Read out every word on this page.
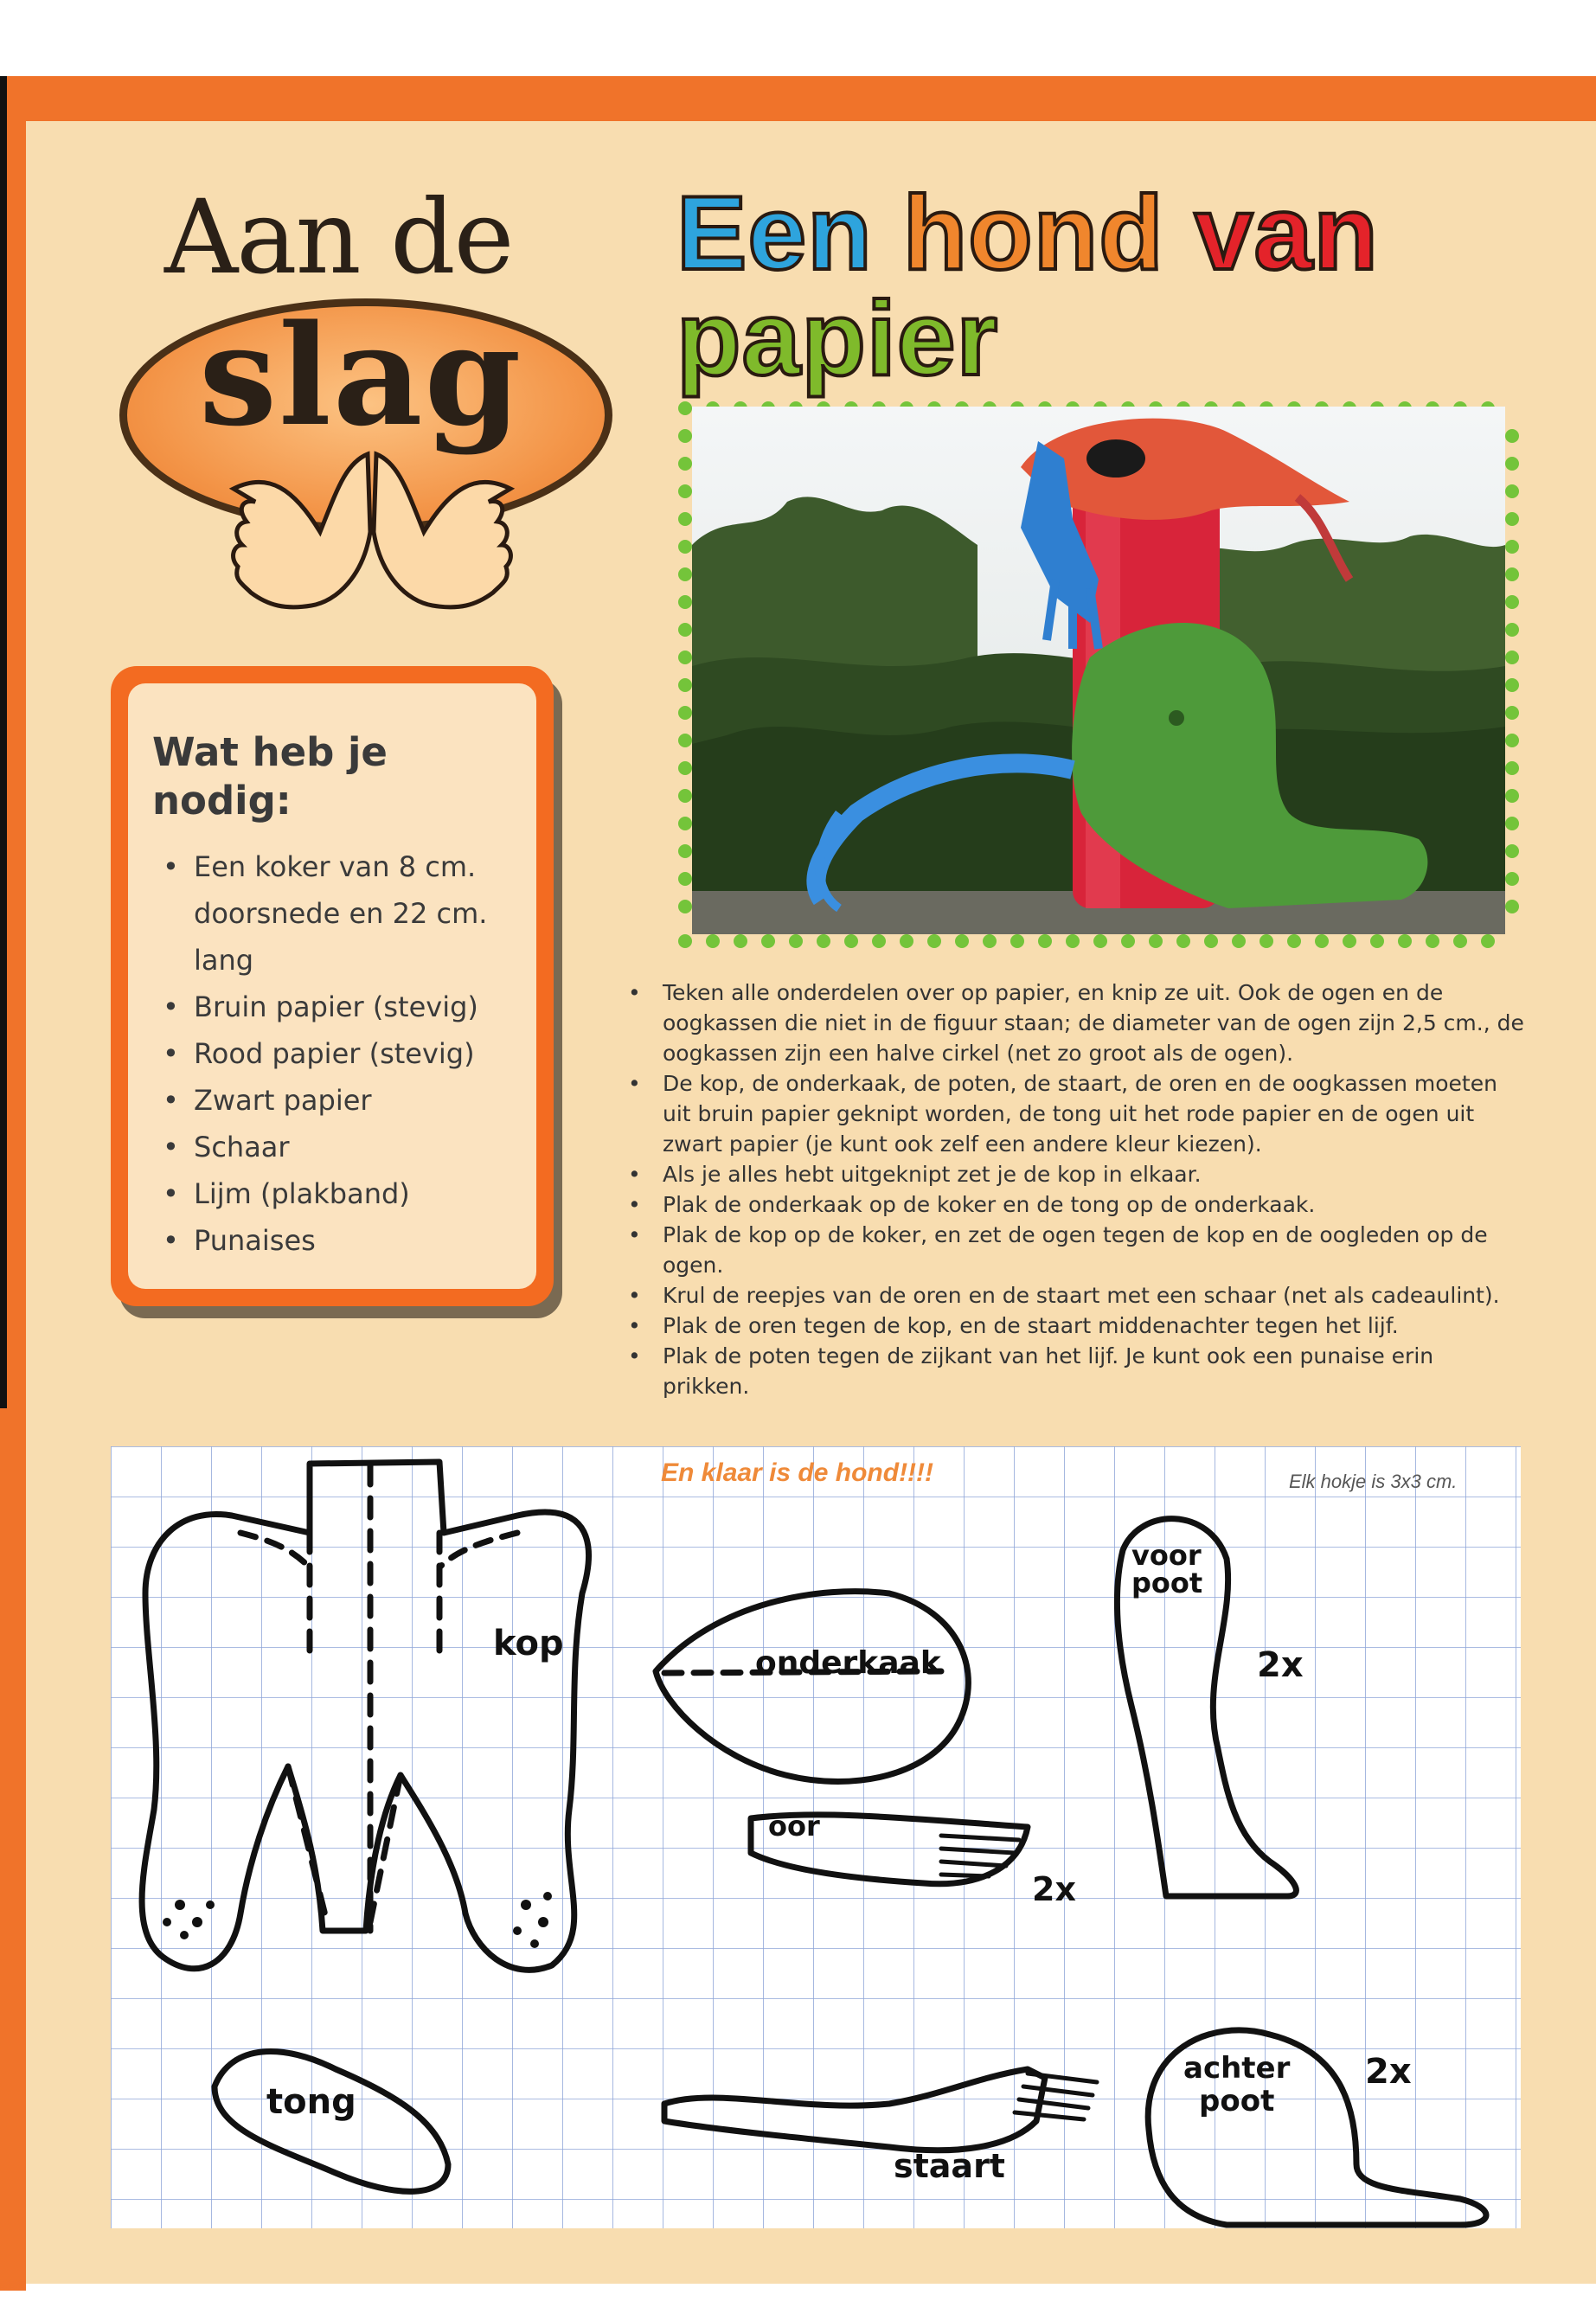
Aan de
slag
Een hond van
papier
Wat heb je nodig:
• Een koker van 8 cm. doorsnede en 22 cm. lang
• Bruin papier (stevig)
• Rood papier (stevig)
• Zwart papier
• Schaar
• Lijm (plakband)
• Punaises
• Teken alle onderdelen over op papier, en knip ze uit. Ook de ogen en de oogkassen die niet in de figuur staan; de diameter van de ogen zijn 2,5 cm., de oogkassen zijn een halve cirkel (net zo groot als de ogen).
• De kop, de onderkaak, de poten, de staart, de oren en de oogkassen moeten uit bruin papier geknipt worden, de tong uit het rode papier en de ogen uit zwart papier (je kunt ook zelf een andere kleur kiezen).
• Als je alles hebt uitgeknipt zet je de kop in elkaar.
• Plak de onderkaak op de koker en de tong op de onderkaak.
• Plak de kop op de koker, en zet de ogen tegen de kop en de oogleden op de ogen.
• Krul de reepjes van de oren en de staart met een schaar (net als cadeaulint).
• Plak de oren tegen de kop, en de staart middenachter tegen het lijf.
• Plak de poten tegen de zijkant van het lijf. Je kunt ook een punaise erin prikken.
kop	onderkaak
oor
2x
voor
poot
2x
tong
staart
achter
poot
2x
En klaar is de hond!!!!	Elk hokje is 3x3 cm.
